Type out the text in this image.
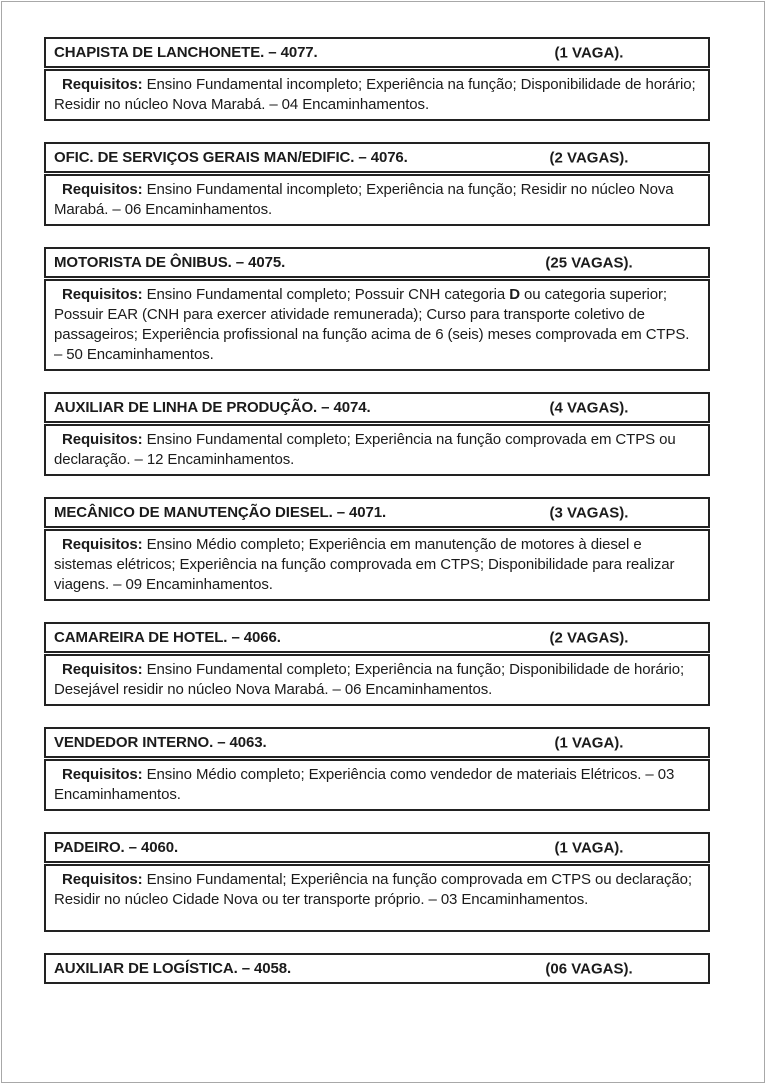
CHAPISTA DE LANCHONETE. – 4077.	(1 VAGA).

Requisitos: Ensino Fundamental incompleto; Experiência na função; Disponibilidade de horário; Residir no núcleo Nova Marabá. – 04 Encaminhamentos.

OFIC. DE SERVIÇOS GERAIS MAN/EDIFIC. – 4076.	(2 VAGAS).

Requisitos: Ensino Fundamental incompleto; Experiência na função; Residir no núcleo Nova Marabá. – 06 Encaminhamentos.

MOTORISTA DE ÔNIBUS. – 4075.	(25 VAGAS).

Requisitos: Ensino Fundamental completo; Possuir CNH categoria D ou categoria superior; Possuir EAR (CNH para exercer atividade remunerada); Curso para transporte coletivo de passageiros; Experiência profissional na função acima de 6 (seis) meses comprovada em CTPS. – 50 Encaminhamentos.

AUXILIAR DE LINHA DE PRODUÇÃO. – 4074.	(4 VAGAS).

Requisitos: Ensino Fundamental completo; Experiência na função comprovada em CTPS ou declaração. – 12 Encaminhamentos.

MECÂNICO DE MANUTENÇÃO DIESEL. – 4071.	(3 VAGAS).

Requisitos: Ensino Médio completo; Experiência em manutenção de motores à diesel e sistemas elétricos; Experiência na função comprovada em CTPS; Disponibilidade para realizar viagens. – 09 Encaminhamentos.

CAMAREIRA DE HOTEL. – 4066.	(2 VAGAS).

Requisitos: Ensino Fundamental completo; Experiência na função; Disponibilidade de horário; Desejável residir no núcleo Nova Marabá. – 06 Encaminhamentos.

VENDEDOR INTERNO. – 4063.	(1 VAGA).

Requisitos: Ensino Médio completo; Experiência como vendedor de materiais Elétricos. – 03 Encaminhamentos.

PADEIRO. – 4060.	(1 VAGA).

Requisitos: Ensino Fundamental; Experiência na função comprovada em CTPS ou declaração; Residir no núcleo Cidade Nova ou ter transporte próprio. – 03 Encaminhamentos.

AUXILIAR DE LOGÍSTICA. – 4058.	(06 VAGAS).
